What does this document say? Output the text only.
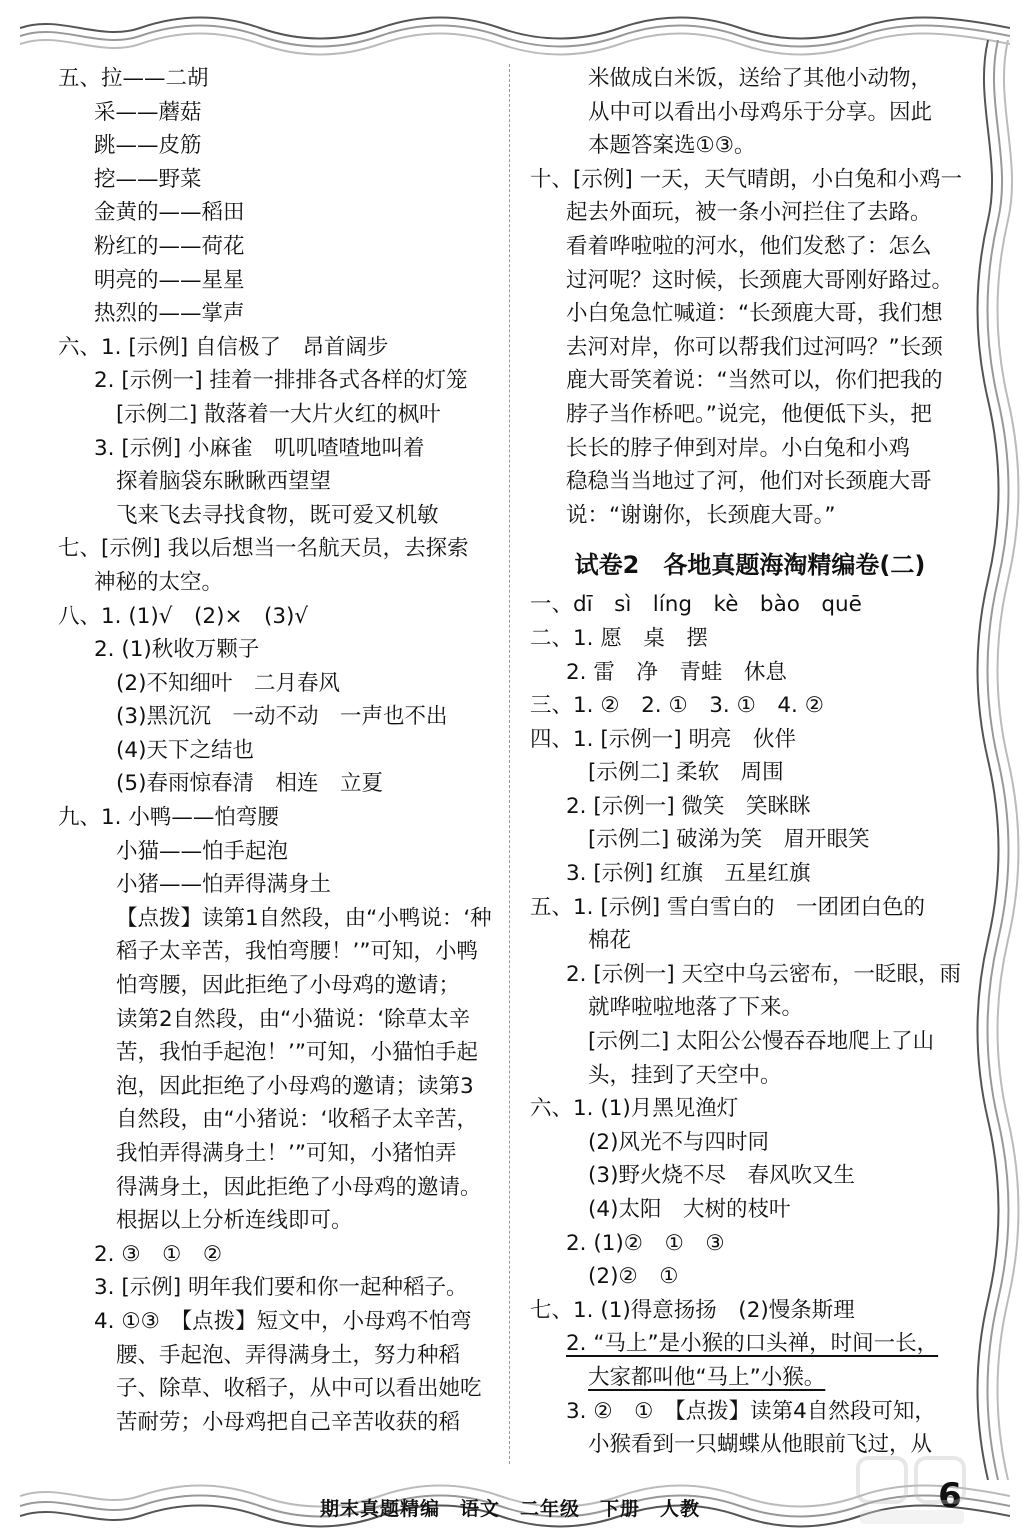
五、拉——二胡
采——蘑菇
跳——皮筋
挖——野菜
金黄的——稻田
粉红的——荷花
明亮的——星星
热烈的——掌声
六、1. [示例] 自信极了　昂首阔步
2. [示例一] 挂着一排排各式各样的灯笼
[示例二] 散落着一大片火红的枫叶
3. [示例] 小麻雀　叽叽喳喳地叫着
探着脑袋东瞅瞅西望望
飞来飞去寻找食物，既可爱又机敏
七、[示例] 我以后想当一名航天员，去探索
神秘的太空。
八、1. (1)√　(2)×　(3)√
2. (1)秋收万颗子
(2)不知细叶　二月春风
(3)黑沉沉　一动不动　一声也不出
(4)天下之结也
(5)春雨惊春清　相连　立夏
九、1. 小鸭——怕弯腰
小猫——怕手起泡
小猪——怕弄得满身土
【点拨】读第1自然段，由“小鸭说：‘种
稻子太辛苦，我怕弯腰！’”可知，小鸭
怕弯腰，因此拒绝了小母鸡的邀请；
读第2自然段，由“小猫说：‘除草太辛
苦，我怕手起泡！’”可知，小猫怕手起
泡，因此拒绝了小母鸡的邀请；读第3
自然段，由“小猪说：‘收稻子太辛苦，
我怕弄得满身土！’”可知，小猪怕弄
得满身土，因此拒绝了小母鸡的邀请。
根据以上分析连线即可。
2. ③　①　②
3. [示例] 明年我们要和你一起种稻子。
4. ①③　【点拨】短文中，小母鸡不怕弯
腰、手起泡、弄得满身土，努力种稻
子、除草、收稻子，从中可以看出她吃
苦耐劳；小母鸡把自己辛苦收获的稻
米做成白米饭，送给了其他小动物，
从中可以看出小母鸡乐于分享。因此
本题答案选①③。
十、[示例] 一天，天气晴朗，小白兔和小鸡一
起去外面玩，被一条小河拦住了去路。
看着哗啦啦的河水，他们发愁了：怎么
过河呢？这时候，长颈鹿大哥刚好路过。
小白兔急忙喊道：“长颈鹿大哥，我们想
去河对岸，你可以帮我们过河吗？”长颈
鹿大哥笑着说：“当然可以，你们把我的
脖子当作桥吧。”说完，他便低下头，把
长长的脖子伸到对岸。小白兔和小鸡
稳稳当当地过了河，他们对长颈鹿大哥
说：“谢谢你，长颈鹿大哥。”
试卷2 各地真题海淘精编卷(二)
一、dī　sì　líng　kè　bào　quē
二、1. 愿　桌　摆
2. 雷　净　青蛙　休息
三、1. ②　2. ①　3. ①　4. ②
四、1. [示例一] 明亮　伙伴
[示例二] 柔软　周围
2. [示例一] 微笑　笑眯眯
[示例二] 破涕为笑　眉开眼笑
3. [示例] 红旗　五星红旗
五、1. [示例] 雪白雪白的　一团团白色的
棉花
2. [示例一] 天空中乌云密布，一眨眼，雨
就哗啦啦地落了下来。
[示例二] 太阳公公慢吞吞地爬上了山
头，挂到了天空中。
六、1. (1)月黑见渔灯
(2)风光不与四时同
(3)野火烧不尽　春风吹又生
(4)太阳　大树的枝叶
2. (1)②　①　③
(2)②　①
七、1. (1)得意扬扬　(2)慢条斯理
2. “马上”是小猴的口头禅，时间一长，
大家都叫他“马上”小猴。
3. ②　①　【点拨】读第4自然段可知，
小猴看到一只蝴蝶从他眼前飞过，从
期末真题精编 语文 二年级 下册 人教	6
